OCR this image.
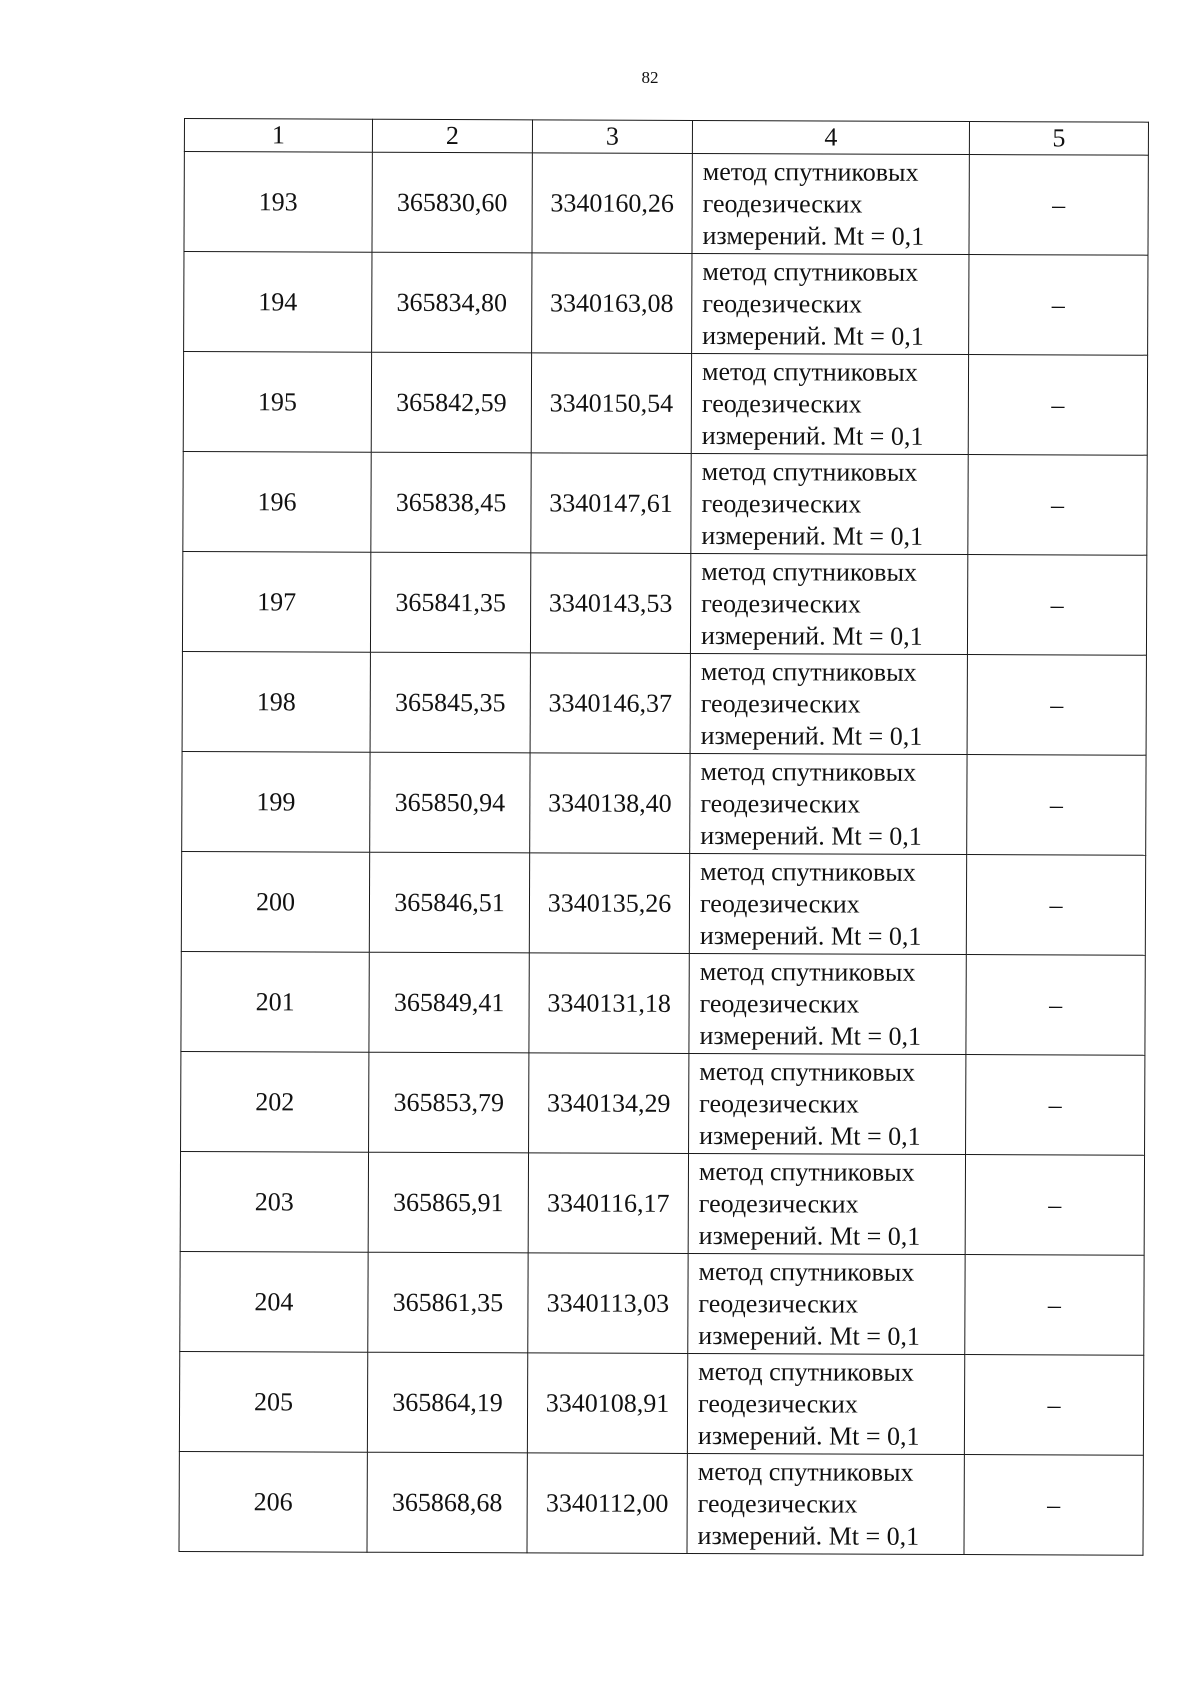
82
1	2	3	4	5
193	365830,60	3340160,26	метод спутниковых
геодезических
измерений. Mt = 0,1	–
194	365834,80	3340163,08	метод спутниковых
геодезических
измерений. Mt = 0,1	–
195	365842,59	3340150,54	метод спутниковых
геодезических
измерений. Mt = 0,1	–
196	365838,45	3340147,61	метод спутниковых
геодезических
измерений. Mt = 0,1	–
197	365841,35	3340143,53	метод спутниковых
геодезических
измерений. Mt = 0,1	–
198	365845,35	3340146,37	метод спутниковых
геодезических
измерений. Mt = 0,1	–
199	365850,94	3340138,40	метод спутниковых
геодезических
измерений. Mt = 0,1	–
200	365846,51	3340135,26	метод спутниковых
геодезических
измерений. Mt = 0,1	–
201	365849,41	3340131,18	метод спутниковых
геодезических
измерений. Mt = 0,1	–
202	365853,79	3340134,29	метод спутниковых
геодезических
измерений. Mt = 0,1	–
203	365865,91	3340116,17	метод спутниковых
геодезических
измерений. Mt = 0,1	–
204	365861,35	3340113,03	метод спутниковых
геодезических
измерений. Mt = 0,1	–
205	365864,19	3340108,91	метод спутниковых
геодезических
измерений. Mt = 0,1	–
206	365868,68	3340112,00	метод спутниковых
геодезических
измерений. Mt = 0,1	–
